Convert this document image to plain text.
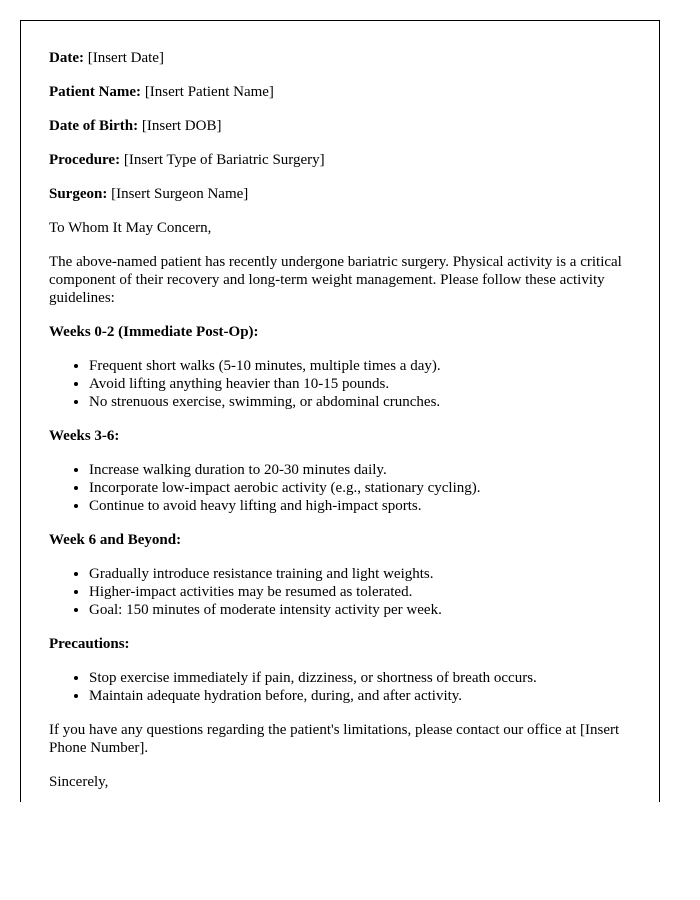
Date: [Insert Date]

Patient Name: [Insert Patient Name]

Date of Birth: [Insert DOB]

Procedure: [Insert Type of Bariatric Surgery]

Surgeon: [Insert Surgeon Name]

To Whom It May Concern,

The above-named patient has recently undergone bariatric surgery. Physical activity is a critical component of their recovery and long-term weight management. Please follow these activity guidelines:

Weeks 0-2 (Immediate Post-Op):
• Frequent short walks (5-10 minutes, multiple times a day).
• Avoid lifting anything heavier than 10-15 pounds.
• No strenuous exercise, swimming, or abdominal crunches.
Weeks 3-6:
• Increase walking duration to 20-30 minutes daily.
• Incorporate low-impact aerobic activity (e.g., stationary cycling).
• Continue to avoid heavy lifting and high-impact sports.
Week 6 and Beyond:
• Gradually introduce resistance training and light weights.
• Higher-impact activities may be resumed as tolerated.
• Goal: 150 minutes of moderate intensity activity per week.
Precautions:
• Stop exercise immediately if pain, dizziness, or shortness of breath occurs.
• Maintain adequate hydration before, during, and after activity.

If you have any questions regarding the patient's limitations, please contact our office at [Insert Phone Number].

Sincerely,
